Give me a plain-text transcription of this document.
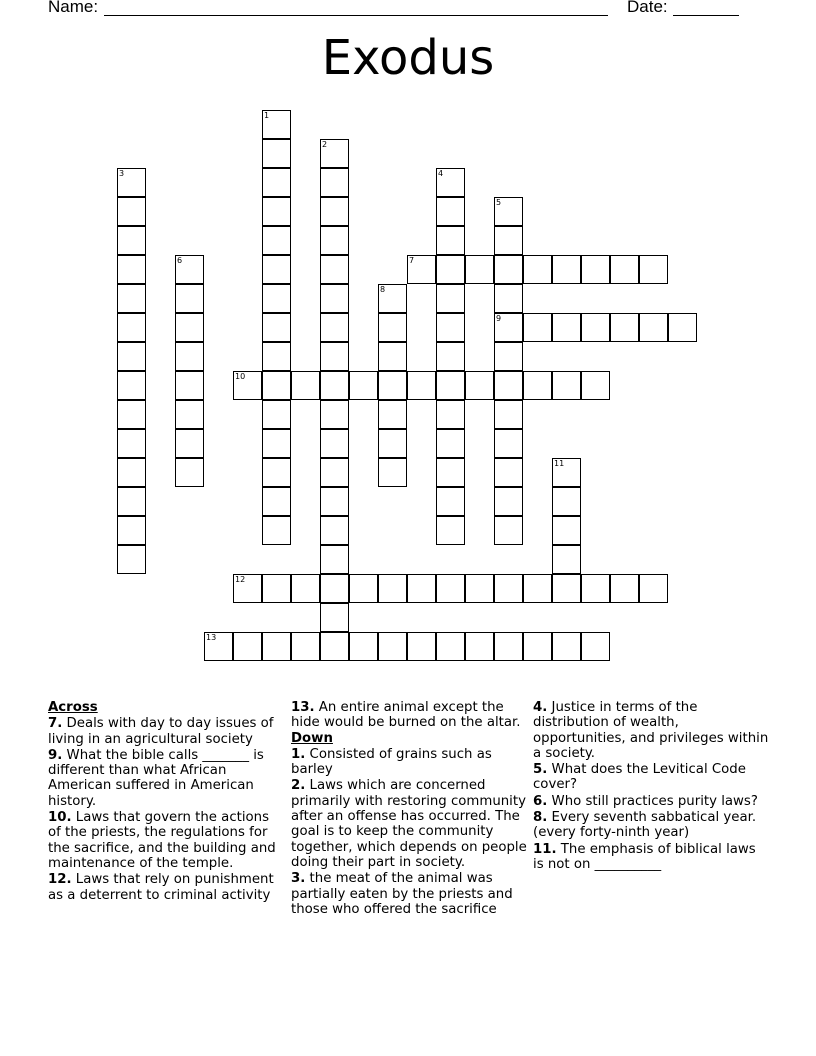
Name:	Date:
Exodus
1
2
3	4
5
9
6	7
8
10
11
12
13
Across
7. Deals with day to day issues of living in an agricultural society
9. What the bible calls _______ is different than what African American suffered in American history.
10. Laws that govern the actions of the priests, the regulations for the sacrifice, and the building and maintenance of the temple.
12. Laws that rely on punishment as a deterrent to criminal activity
13. An entire animal except the hide would be burned on the altar.
Down
1. Consisted of grains such as barley
2. Laws which are concerned primarily with restoring community after an offense has occurred. The goal is to keep the community together, which depends on people doing their part in society.
3. the meat of the animal was partially eaten by the priests and those who offered the sacrifice
4. Justice in terms of the distribution of wealth, opportunities, and privileges within a society.
5. What does the Levitical Code cover?
6. Who still practices purity laws?
8. Every seventh sabbatical year. (every forty-ninth year)
11. The emphasis of biblical laws is not on __________
